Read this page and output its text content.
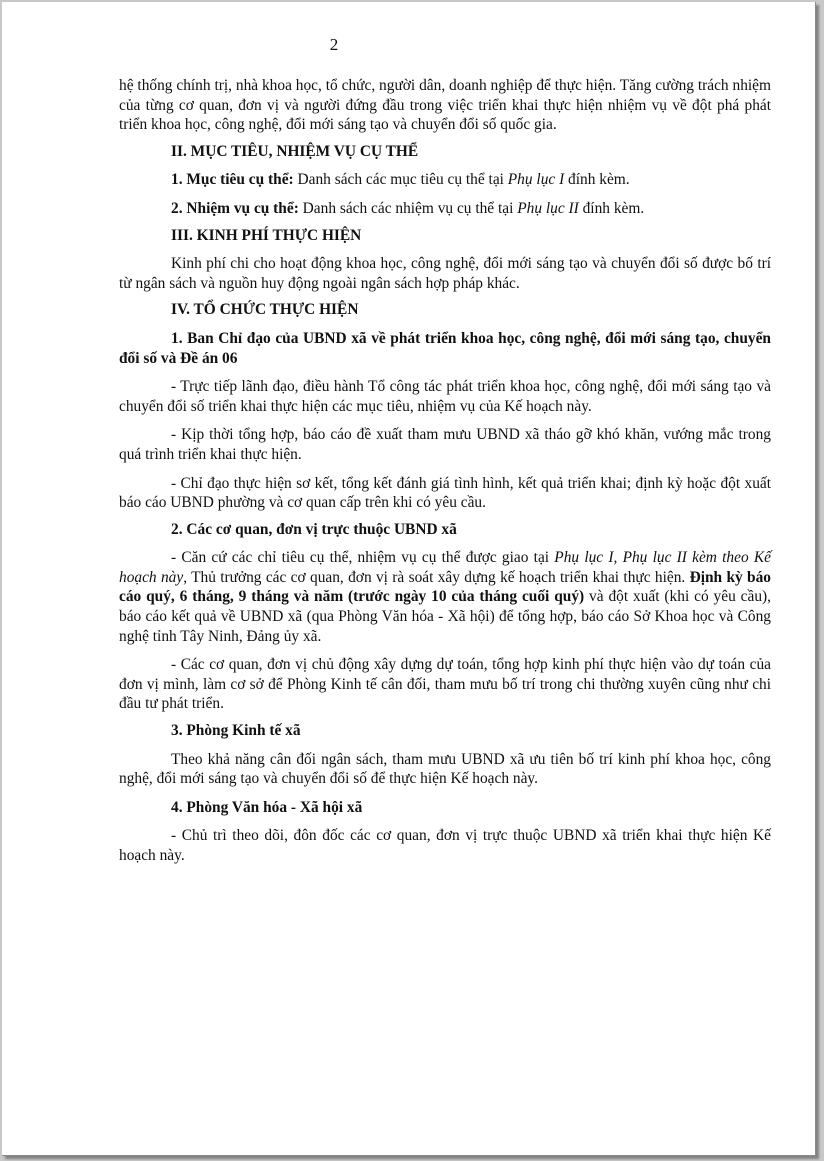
2

hệ thống chính trị, nhà khoa học, tổ chức, người dân, doanh nghiệp để thực hiện. Tăng cường trách nhiệm của từng cơ quan, đơn vị và người đứng đầu trong việc triển khai thực hiện nhiệm vụ về đột phá phát triển khoa học, công nghệ, đổi mới sáng tạo và chuyển đổi số quốc gia.

II. MỤC TIÊU, NHIỆM VỤ CỤ THỂ

1. Mục tiêu cụ thể: Danh sách các mục tiêu cụ thể tại Phụ lục I đính kèm.

2. Nhiệm vụ cụ thể: Danh sách các nhiệm vụ cụ thể tại Phụ lục II đính kèm.

III. KINH PHÍ THỰC HIỆN

Kinh phí chi cho hoạt động khoa học, công nghệ, đổi mới sáng tạo và chuyển đổi số được bố trí từ ngân sách và nguồn huy động ngoài ngân sách hợp pháp khác.

IV. TỔ CHỨC THỰC HIỆN

1. Ban Chỉ đạo của UBND xã về phát triển khoa học, công nghệ, đổi mới sáng tạo, chuyển đổi số và Đề án 06

- Trực tiếp lãnh đạo, điều hành Tổ công tác phát triển khoa học, công nghệ, đổi mới sáng tạo và chuyển đổi số triển khai thực hiện các mục tiêu, nhiệm vụ của Kế hoạch này.

- Kịp thời tổng hợp, báo cáo đề xuất tham mưu UBND xã tháo gỡ khó khăn, vướng mắc trong quá trình triển khai thực hiện.

- Chỉ đạo thực hiện sơ kết, tổng kết đánh giá tình hình, kết quả triển khai; định kỳ hoặc đột xuất báo cáo UBND phường và cơ quan cấp trên khi có yêu cầu.

2. Các cơ quan, đơn vị trực thuộc UBND xã

- Căn cứ các chỉ tiêu cụ thể, nhiệm vụ cụ thể được giao tại Phụ lục I, Phụ lục II kèm theo Kế hoạch này, Thủ trưởng các cơ quan, đơn vị rà soát xây dựng kế hoạch triển khai thực hiện. Định kỳ báo cáo quý, 6 tháng, 9 tháng và năm (trước ngày 10 của tháng cuối quý) và đột xuất (khi có yêu cầu), báo cáo kết quả về UBND xã (qua Phòng Văn hóa - Xã hội) để tổng hợp, báo cáo Sở Khoa học và Công nghệ tỉnh Tây Ninh, Đảng ủy xã.

- Các cơ quan, đơn vị chủ động xây dựng dự toán, tổng hợp kinh phí thực hiện vào dự toán của đơn vị mình, làm cơ sở để Phòng Kinh tế cân đối, tham mưu bố trí trong chi thường xuyên cũng như chi đầu tư phát triển.

3. Phòng Kinh tế xã

Theo khả năng cân đối ngân sách, tham mưu UBND xã ưu tiên bố trí kinh phí khoa học, công nghệ, đổi mới sáng tạo và chuyển đổi số để thực hiện Kế hoạch này.

4. Phòng Văn hóa - Xã hội xã

- Chủ trì theo dõi, đôn đốc các cơ quan, đơn vị trực thuộc UBND xã triển khai thực hiện Kế hoạch này.
